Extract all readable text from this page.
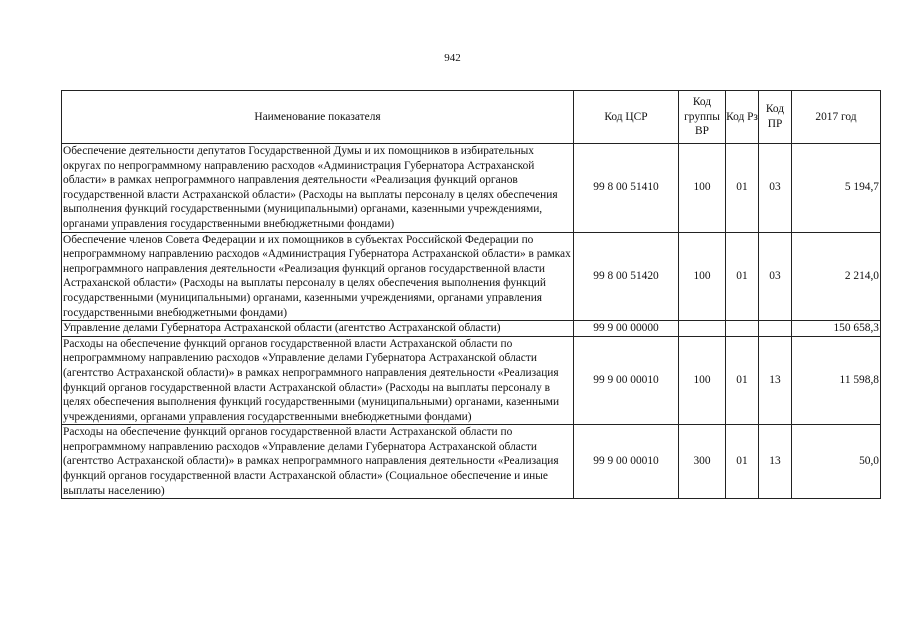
942
Наименование показателя	Код ЦСР	Код группы ВР	Код Рз	Код ПР	2017 год
Обеспечение деятельности депутатов Государственной Думы и их помощников в избирательных округах по непрограммному направлению расходов «Администрация Губернатора Астраханской области» в рамках непрограммного направления деятельности «Реализация функций органов государственной власти Астраханской области» (Расходы на выплаты персоналу в целях обеспечения выполнения функций государственными (муниципальными) органами, казенными учреждениями, органами управления государственными внебюджетными фондами)	99 8 00 51410	100	01	03	5 194,7
Обеспечение членов Совета Федерации и их помощников в субъектах Российской Федерации по непрограммному направлению расходов «Администрация Губернатора Астраханской области» в рамках непрограммного направления деятельности «Реализация функций органов государственной власти Астраханской области» (Расходы на выплаты персоналу в целях обеспечения выполнения функций государственными (муниципальными) органами, казенными учреждениями, органами управления государственными внебюджетными фондами)	99 8 00 51420	100	01	03	2 214,0
Управление делами Губернатора Астраханской области (агентство Астраханской области)	99 9 00 00000				150 658,3
Расходы на обеспечение функций органов государственной власти Астраханской области по непрограммному направлению расходов «Управление делами Губернатора Астраханской области (агентство Астраханской области)» в рамках непрограммного направления деятельности «Реализация функций органов государственной власти Астраханской области» (Расходы на выплаты персоналу в целях обеспечения выполнения функций государственными (муниципальными) органами, казенными учреждениями, органами управления государственными внебюджетными фондами)	99 9 00 00010	100	01	13	11 598,8
Расходы на обеспечение функций органов государственной власти Астраханской области по непрограммному направлению расходов «Управление делами Губернатора Астраханской области (агентство Астраханской области)» в рамках непрограммного направления деятельности «Реализация функций органов государственной власти Астраханской области» (Социальное обеспечение и иные выплаты населению)	99 9 00 00010	300	01	13	50,0
